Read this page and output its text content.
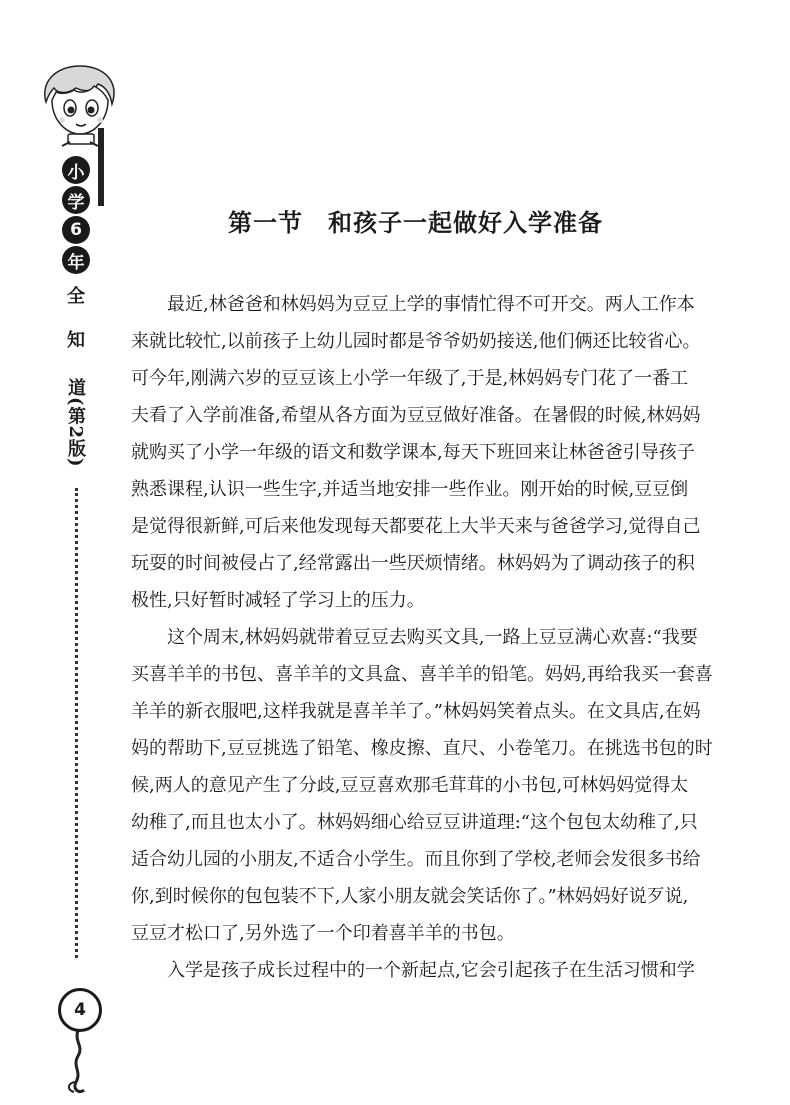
小
学
6
年
全
知
道(第2版)
4
第一节　和孩子一起做好入学准备
最近,林爸爸和林妈妈为豆豆上学的事情忙得不可开交。两人工作本
来就比较忙,以前孩子上幼儿园时都是爷爷奶奶接送,他们俩还比较省心。
可今年,刚满六岁的豆豆该上小学一年级了,于是,林妈妈专门花了一番工
夫看了入学前准备,希望从各方面为豆豆做好准备。在暑假的时候,林妈妈
就购买了小学一年级的语文和数学课本,每天下班回来让林爸爸引导孩子
熟悉课程,认识一些生字,并适当地安排一些作业。刚开始的时候,豆豆倒
是觉得很新鲜,可后来他发现每天都要花上大半天来与爸爸学习,觉得自己
玩耍的时间被侵占了,经常露出一些厌烦情绪。林妈妈为了调动孩子的积
极性,只好暂时减轻了学习上的压力。
这个周末,林妈妈就带着豆豆去购买文具,一路上豆豆满心欢喜:“我要
买喜羊羊的书包、喜羊羊的文具盒、喜羊羊的铅笔。妈妈,再给我买一套喜
羊羊的新衣服吧,这样我就是喜羊羊了。”林妈妈笑着点头。在文具店,在妈
妈的帮助下,豆豆挑选了铅笔、橡皮擦、直尺、小卷笔刀。在挑选书包的时
候,两人的意见产生了分歧,豆豆喜欢那毛茸茸的小书包,可林妈妈觉得太
幼稚了,而且也太小了。林妈妈细心给豆豆讲道理:“这个包包太幼稚了,只
适合幼儿园的小朋友,不适合小学生。而且你到了学校,老师会发很多书给
你,到时候你的包包装不下,人家小朋友就会笑话你了。”林妈妈好说歹说,
豆豆才松口了,另外选了一个印着喜羊羊的书包。
入学是孩子成长过程中的一个新起点,它会引起孩子在生活习惯和学
